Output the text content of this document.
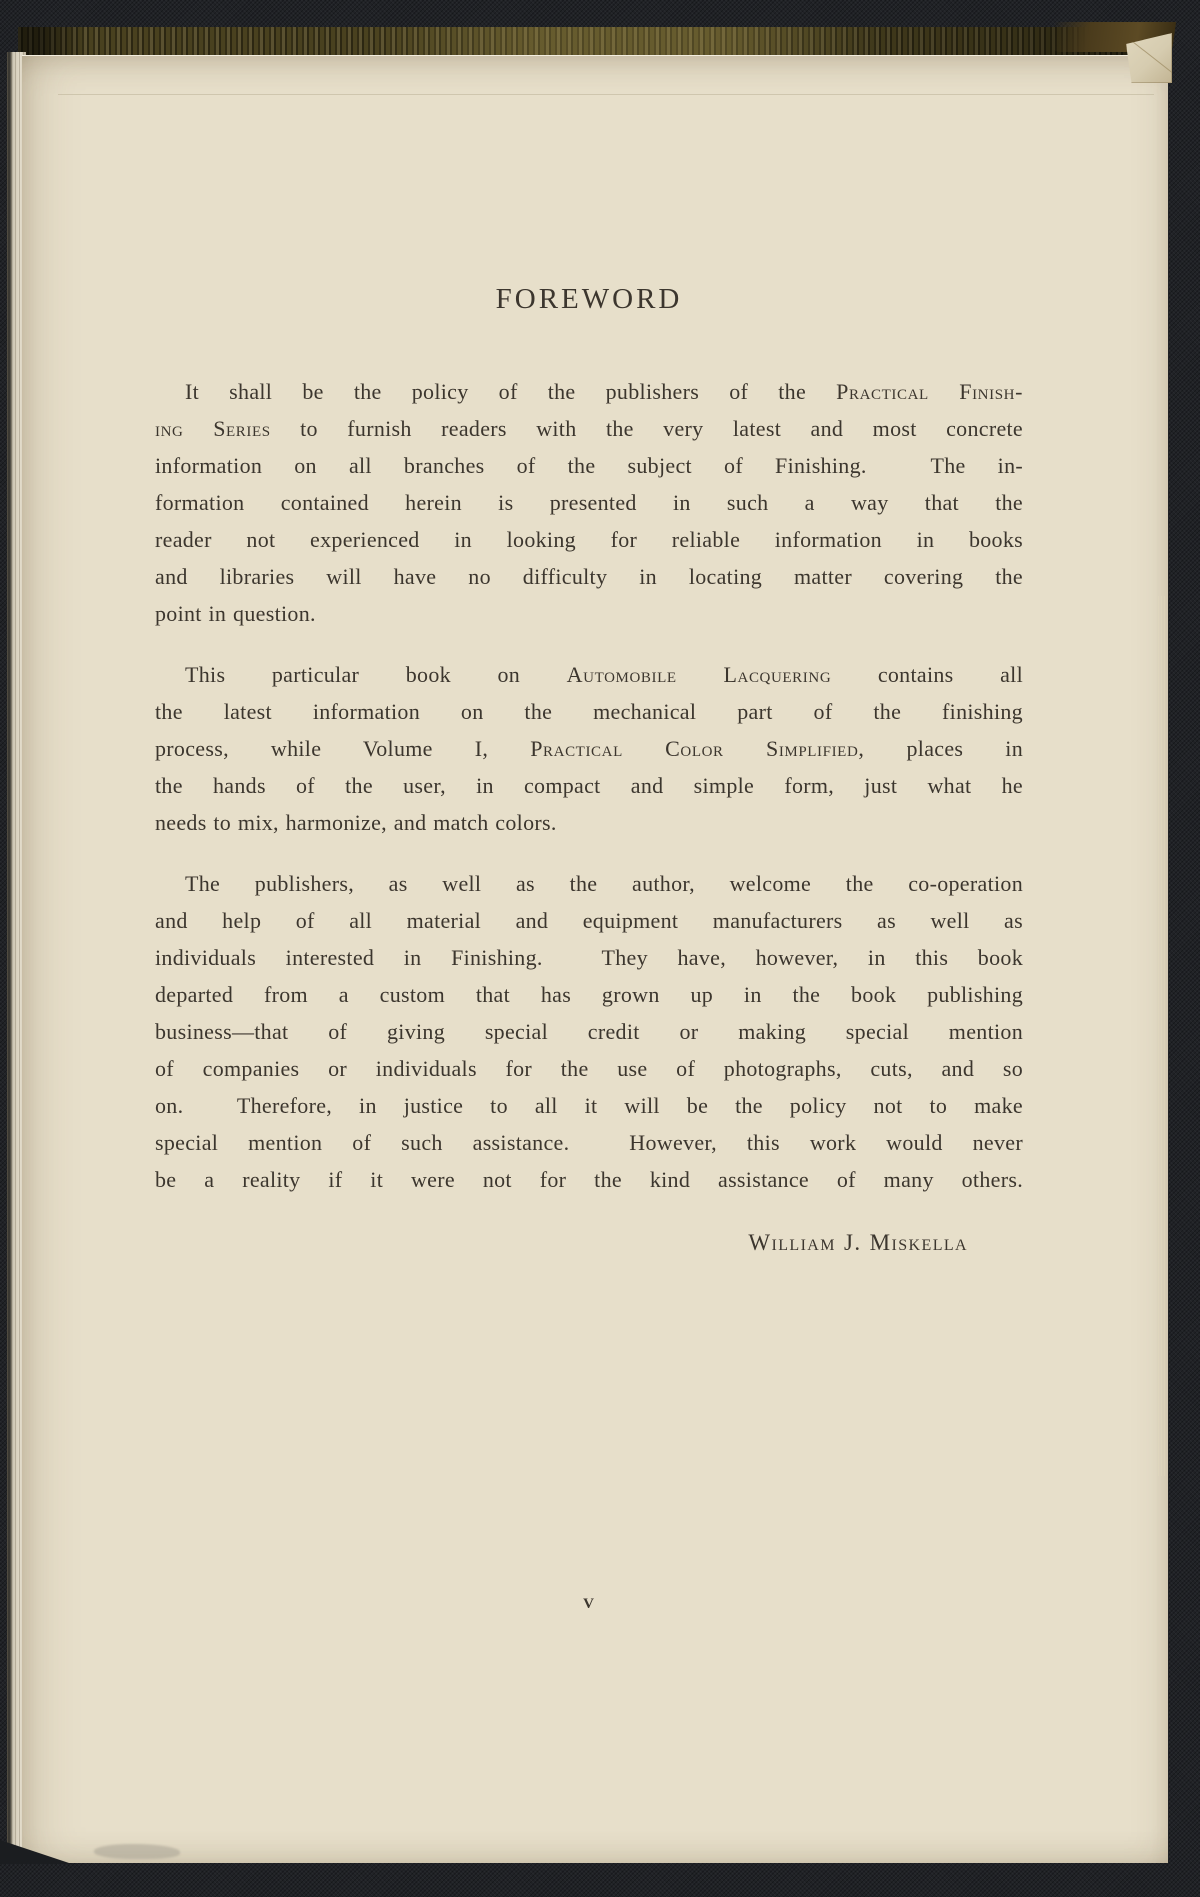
FOREWORD
It shall be the policy of the publishers of the Practical Finish-
ing Series to furnish readers with the very latest and most concrete
information on all branches of the subject of Finishing.  The in-
formation contained herein is presented in such a way that the
reader not experienced in looking for reliable information in books
and libraries will have no difficulty in locating matter covering the
point in question.
This particular book on Automobile Lacquering contains all
the latest information on the mechanical part of the finishing
process, while Volume I, Practical Color Simplified, places in
the hands of the user, in compact and simple form, just what he
needs to mix, harmonize, and match colors.
The publishers, as well as the author, welcome the co-operation
and help of all material and equipment manufacturers as well as
individuals interested in Finishing.  They have, however, in this book
departed from a custom that has grown up in the book publishing
business—that of giving special credit or making special mention
of companies or individuals for the use of photographs, cuts, and so
on.  Therefore, in justice to all it will be the policy not to make
special mention of such assistance.  However, this work would never
be a reality if it were not for the kind assistance of many others.
William J. Miskella
v
